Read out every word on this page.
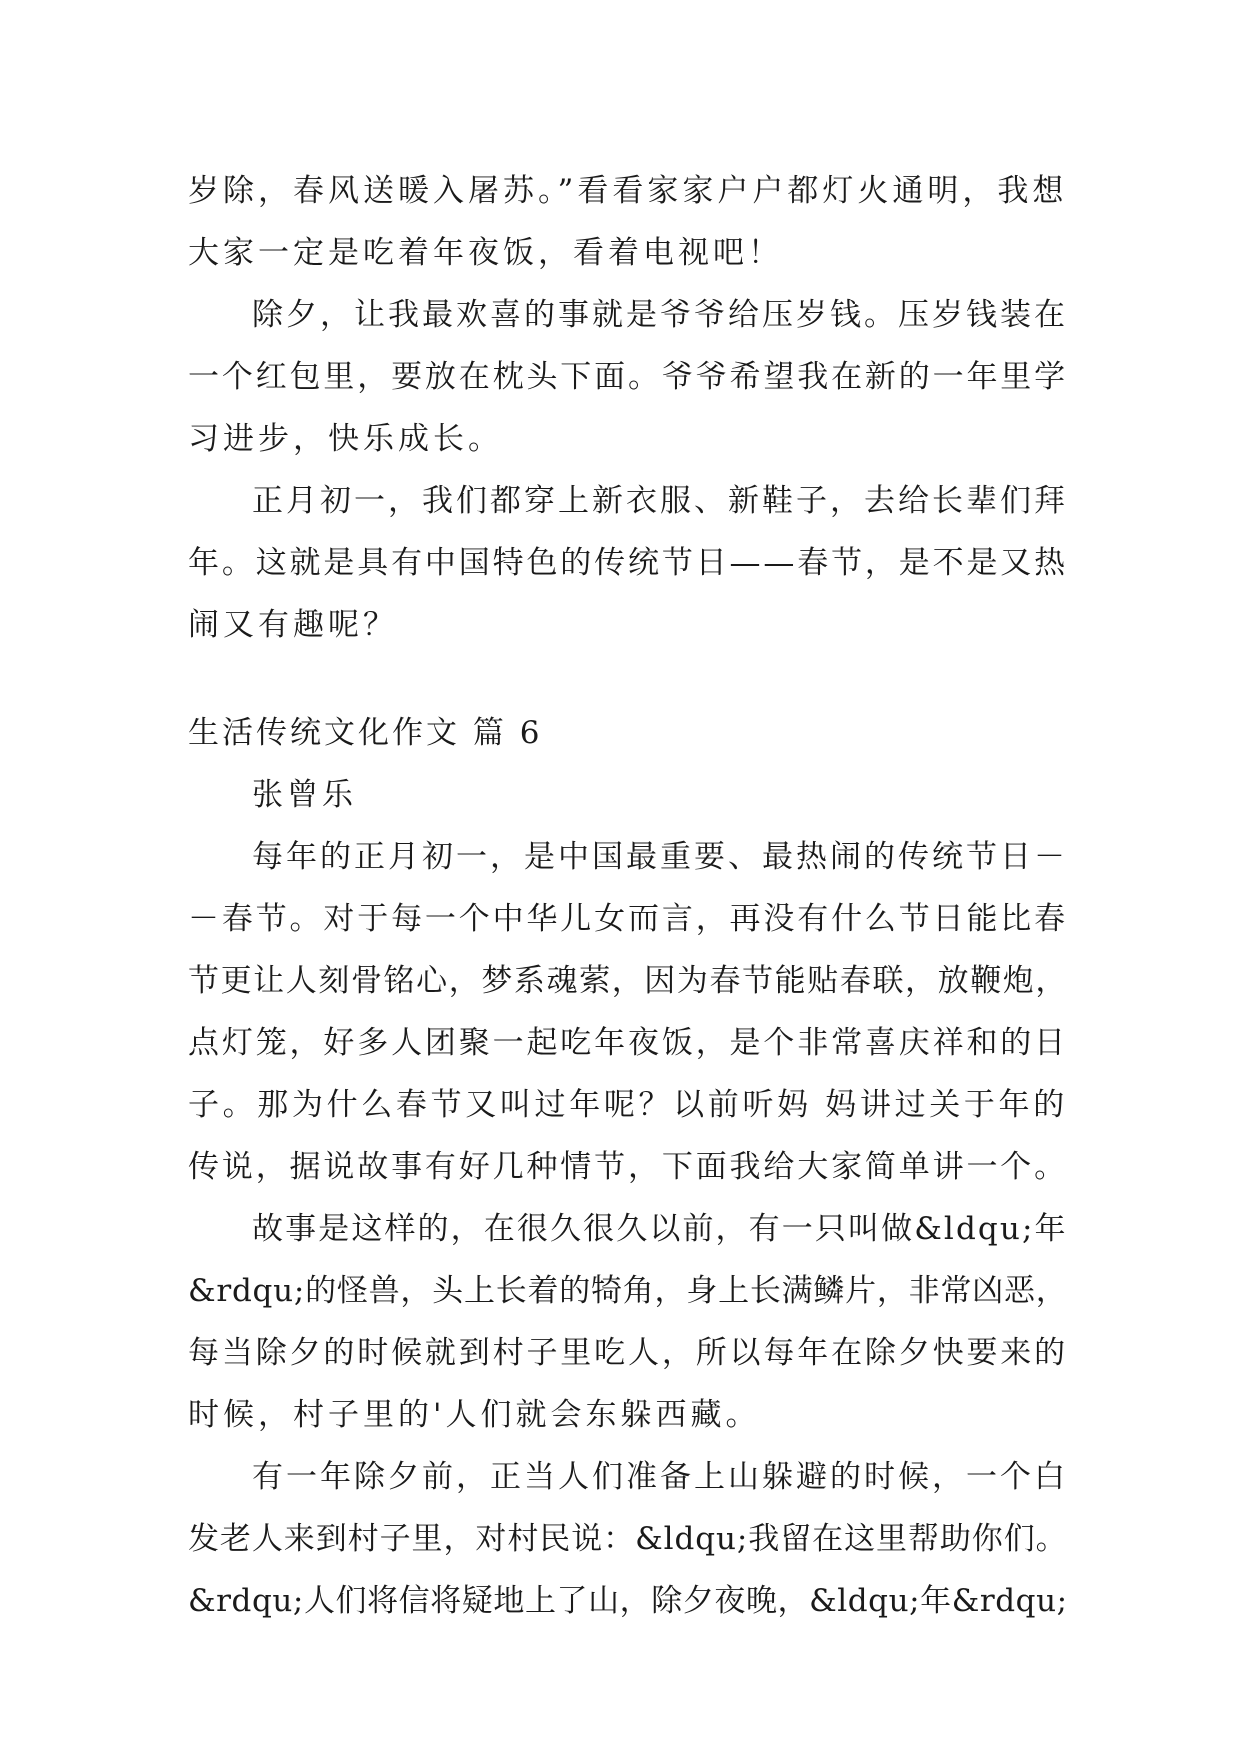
岁除，春风送暖入屠苏。”看看家家户户都灯火通明，我想
大家一定是吃着年夜饭，看着电视吧！
除夕，让我最欢喜的事就是爷爷给压岁钱。压岁钱装在
一个红包里，要放在枕头下面。爷爷希望我在新的一年里学
习进步，快乐成长。
正月初一，我们都穿上新衣服、新鞋子，去给长辈们拜
年。这就是具有中国特色的传统节日——春节，是不是又热
闹又有趣呢？
生活传统文化作文 篇 6
张曾乐
每年的正月初一，是中国最重要、最热闹的传统节日－
－春节。对于每一个中华儿女而言，再没有什么节日能比春
节更让人刻骨铭心，梦系魂萦，因为春节能贴春联，放鞭炮，
点灯笼，好多人团聚一起吃年夜饭，是个非常喜庆祥和的日
子。那为什么春节又叫过年呢？以前听妈 妈讲过关于年的
传说，据说故事有好几种情节，下面我给大家简单讲一个。
故事是这样的，在很久很久以前，有一只叫做&ldqu;年
&rdqu;的怪兽，头上长着的犄角，身上长满鳞片，非常凶恶，
每当除夕的时候就到村子里吃人，所以每年在除夕快要来的
时候，村子里的'人们就会东躲西藏。
有一年除夕前，正当人们准备上山躲避的时候，一个白
发老人来到村子里，对村民说：&ldqu;我留在这里帮助你们。
&rdqu;人们将信将疑地上了山，除夕夜晚，&ldqu;年&rdqu;
